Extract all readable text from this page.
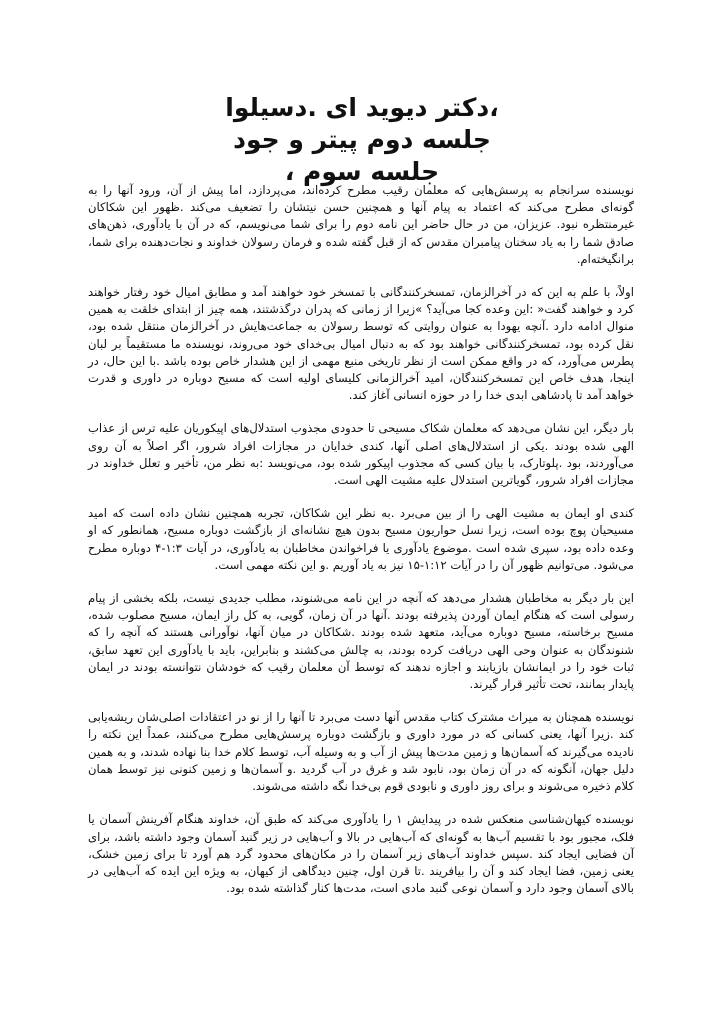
،دکتر دیوید ای .دسیلوا
جلسه دوم پیتر و جود
جلسه سوم ،

نویسنده سرانجام به پرسش‌هایی که معلمان رقیب مطرح کرده‌اند، می‌پردازد، اما پیش از آن، ورود آنها را به گونه‌ای مطرح می‌کند که اعتماد به پیام آنها و همچنین حسن نیتشان را تضعیف می‌کند .ظهور این شکاکان غیرمنتظره نبود. عزیزان، من در حال حاضر این نامه دوم را برای شما می‌نویسم، که در آن با یادآوری، ذهن‌های صادق شما را به یاد سخنان پیامبران مقدس که از قبل گفته شده و فرمان رسولان خداوند و نجات‌دهنده برای شما، برانگیخته‌ام.

اولاً، با علم به این که در آخرالزمان، تمسخرکنندگانی با تمسخر خود خواهند آمد و مطابق امیال خود رفتار خواهند کرد و خواهند گفت« :این وعده کجا می‌آید؟ »زیرا از زمانی که پدران درگذشتند، همه چیز از ابتدای خلقت به همین منوال ادامه دارد .آنچه یهودا به عنوان روایتی که توسط رسولان به جماعت‌هایش در آخرالزمان منتقل شده بود، نقل کرده بود، تمسخرکنندگانی خواهند بود که به دنبال امیال بی‌خدای خود می‌روند، نویسنده ما مستقیماً بر لبان پطرس می‌آورد، که در واقع ممکن است از نظر تاریخی منبع مهمی از این هشدار خاص بوده باشد .با این حال، در اینجا، هدف خاص این تمسخرکنندگان، امید آخرالزمانی کلیسای اولیه است که مسیح دوباره در داوری و قدرت خواهد آمد تا پادشاهی ابدی خدا را در حوزه انسانی آغاز کند.

بار دیگر، این نشان می‌دهد که معلمان شکاک مسیحی تا حدودی مجذوب استدلال‌های اپیکوریان علیه ترس از عذاب الهی شده بودند .یکی از استدلال‌های اصلی آنها، کندی خدایان در مجازات افراد شرور، اگر اصلاً به آن روی می‌آوردند، بود .پلوتارک، با بیان کسی که مجذوب اپیکور شده بود، می‌نویسد :به نظر من، تأخیر و تعلل خداوند در مجازات افراد شرور، گویاترین استدلال علیه مشیت الهی است.

کندی او ایمان به مشیت الهی را از بین می‌برد .به نظر این شکاکان، تجربه همچنین نشان داده است که امید مسیحیان پوچ بوده است، زیرا نسل حواریون مسیح بدون هیچ نشانه‌ای از بازگشت دوباره مسیح، همانطور که او وعده داده بود، سپری شده است .موضوع یادآوری یا فراخواندن مخاطبان به یادآوری، در آیات ۱:۳-۴ دوباره مطرح می‌شود. می‌توانیم ظهور آن را در آیات ۱:۱۲-۱۵ نیز به یاد آوریم .و این نکته مهمی است.

این بار دیگر به مخاطبان هشدار می‌دهد که آنچه در این نامه می‌شنوند، مطلب جدیدی نیست، بلکه بخشی از پیام رسولی است که هنگام ایمان آوردن پذیرفته بودند .آنها در آن زمان، گویی، به کل راز ایمان، مسیح مصلوب شده، مسیح برخاسته، مسیح دوباره می‌آید، متعهد شده بودند .شکاکان در میان آنها، نوآورانی هستند که آنچه را که شنوندگان به عنوان وحی الهی دریافت کرده بودند، به چالش می‌کشند و بنابراین، باید با یادآوری این تعهد سابق، ثبات خود را در ایمانشان بازیابند و اجازه ندهند که توسط آن معلمان رقیب که خودشان نتوانسته بودند در ایمان پایدار بمانند، تحت تأثیر قرار گیرند.

نویسنده همچنان به میراث مشترک کتاب مقدس آنها دست می‌برد تا آنها را از نو در اعتقادات اصلی‌شان ریشه‌یابی کند .زیرا آنها، یعنی کسانی که در مورد داوری و بازگشت دوباره پرسش‌هایی مطرح می‌کنند، عمداً این نکته را نادیده می‌گیرند که آسمان‌ها و زمین مدت‌ها پیش از آب و به وسیله آب، توسط کلام خدا بنا نهاده شدند، و به همین دلیل جهان، آنگونه که در آن زمان بود، نابود شد و غرق در آب گردید .و آسمان‌ها و زمین کنونی نیز توسط همان کلام ذخیره می‌شوند و برای روز داوری و نابودی قوم بی‌خدا نگه داشته می‌شوند.

نویسنده کیهان‌شناسی منعکس شده در پیدایش ۱ را یادآوری می‌کند که طبق آن، خداوند هنگام آفرینش آسمان یا فلک، مجبور بود با تقسیم آب‌ها به گونه‌ای که آب‌هایی در بالا و آب‌هایی در زیر گنبد آسمان وجود داشته باشد، برای آن فضایی ایجاد کند .سپس خداوند آب‌های زیر آسمان را در مکان‌های محدود گرد هم آورد تا برای زمین خشک، یعنی زمین، فضا ایجاد کند و آن را بیافریند .تا قرن اول، چنین دیدگاهی از کیهان، به ویژه این ایده که آب‌هایی در بالای آسمان وجود دارد و آسمان نوعی گنبد مادی است، مدت‌ها کنار گذاشته شده بود.
